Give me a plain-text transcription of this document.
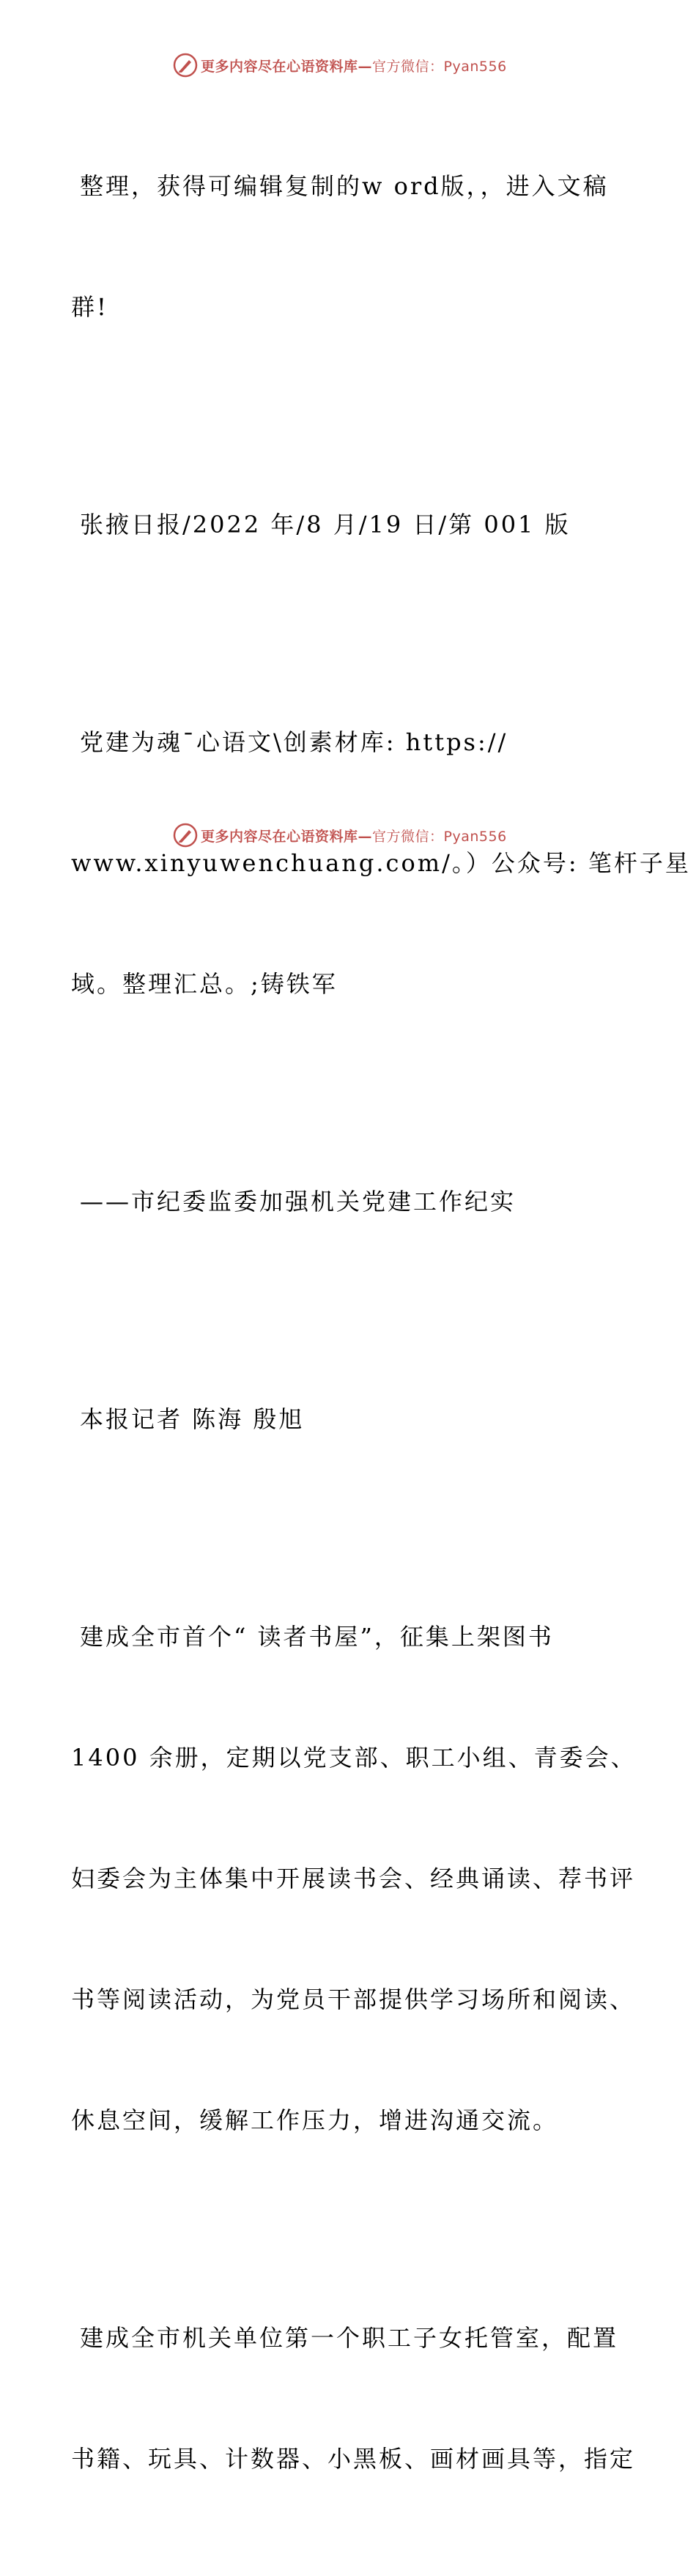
更多内容尽在心语资料库—官方微信：Pyan556

整理，获得可编辑复制的w ord版，，进入文稿

群!

张掖日报/2022 年/8 月/19 日/第 001 版

党建为魂¯心语文\创素材库: https://

www.xinyuwenchuang.com/。）公众号: 笔杆子星

域。整理汇总。;铸铁军

——市纪委监委加强机关党建工作纪实

本报记者 陈海 殷旭

建成全市首个“ 读者书屋”，征集上架图书

1400 余册，定期以党支部、职工小组、青委会、

妇委会为主体集中开展读书会、经典诵读、荐书评

书等阅读活动，为党员干部提供学习场所和阅读、

休息空间，缓解工作压力，增进沟通交流。

建成全市机关单位第一个职工子女托管室，配置

书籍、玩具、计数器、小黑板、画材画具等，指定

更多内容尽在心语资料库—官方微信：Pyan556
